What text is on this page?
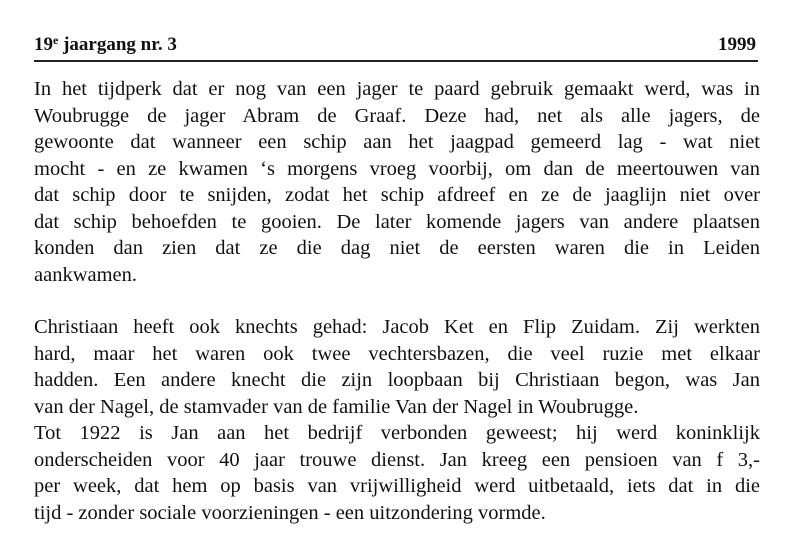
19e jaargang nr. 3	1999

In het tijdperk dat er nog van een jager te paard gebruik gemaakt werd, was in
Woubrugge de jager Abram de Graaf. Deze had, net als alle jagers, de
gewoonte dat wanneer een schip aan het jaagpad gemeerd lag - wat niet
mocht - en ze kwamen ‘s morgens vroeg voorbij, om dan de meertouwen van
dat schip door te snijden, zodat het schip afdreef en ze de jaaglijn niet over
dat schip behoefden te gooien. De later komende jagers van andere plaatsen
konden dan zien dat ze die dag niet de eersten waren die in Leiden

aankwamen.

Christiaan heeft ook knechts gehad: Jacob Ket en Flip Zuidam. Zij werkten
hard, maar het waren ook twee vechtersbazen, die veel ruzie met elkaar
hadden. Een andere knecht die zijn loopbaan bij Christiaan begon, was Jan

van der Nagel, de stamvader van de familie Van der Nagel in Woubrugge.

Tot 1922 is Jan aan het bedrijf verbonden geweest; hij werd koninklijk
onderscheiden voor 40 jaar trouwe dienst. Jan kreeg een pensioen van f 3,-
per week, dat hem op basis van vrijwilligheid werd uitbetaald, iets dat in die

tijd - zonder sociale voorzieningen - een uitzondering vormde.
